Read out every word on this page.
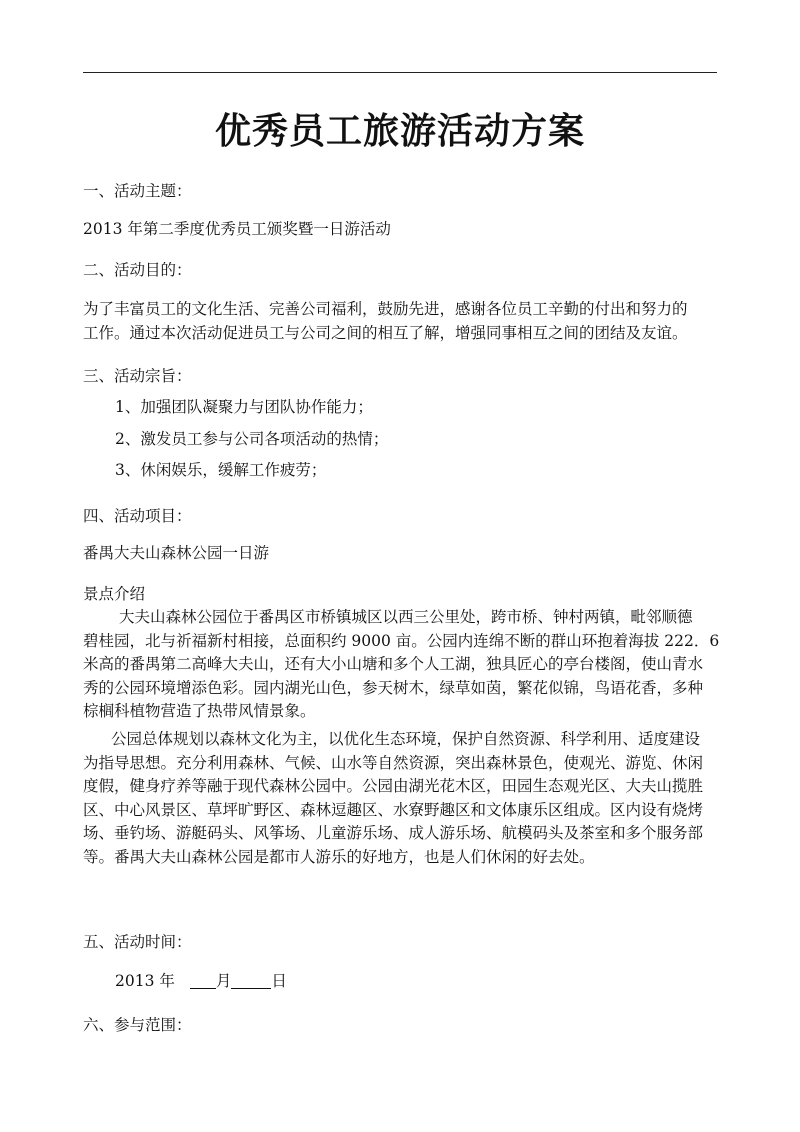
优秀员工旅游活动方案
一、活动主题：
2013 年第二季度优秀员工颁奖暨一日游活动
二、活动目的：
为了丰富员工的文化生活、完善公司福利，鼓励先进，感谢各位员工辛勤的付出和努力的
工作。通过本次活动促进员工与公司之间的相互了解，增强同事相互之间的团结及友谊。
三、活动宗旨：
1、加强团队凝聚力与团队协作能力；
2、激发员工参与公司各项活动的热情；
3、休闲娱乐，缓解工作疲劳；
四、活动项目：
番禺大夫山森林公园一日游
景点介绍
大夫山森林公园位于番禺区市桥镇城区以西三公里处，跨市桥、钟村两镇，毗邻顺德
碧桂园，北与祈福新村相接，总面积约 9000 亩。公园内连绵不断的群山环抱着海拔 222．6
米高的番禺第二高峰大夫山，还有大小山塘和多个人工湖，独具匠心的亭台楼阁，使山青水
秀的公园环境增添色彩。园内湖光山色，参天树木，绿草如茵，繁花似锦，鸟语花香，多种
棕榈科植物营造了热带风情景象。
公园总体规划以森林文化为主，以优化生态环境，保护自然资源、科学利用、适度建设
为指导思想。充分利用森林、气候、山水等自然资源，突出森林景色，使观光、游览、休闲
度假，健身疗养等融于现代森林公园中。公园由湖光花木区，田园生态观光区、大夫山揽胜
区、中心风景区、草坪旷野区、森林逗趣区、水寮野趣区和文体康乐区组成。区内设有烧烤
场、垂钓场、游艇码头、风筝场、儿童游乐场、成人游乐场、航模码头及茶室和多个服务部
等。番禺大夫山森林公园是都市人游乐的好地方，也是人们休闲的好去处。
五、活动时间：
2013 年	月	日
六、参与范围：
